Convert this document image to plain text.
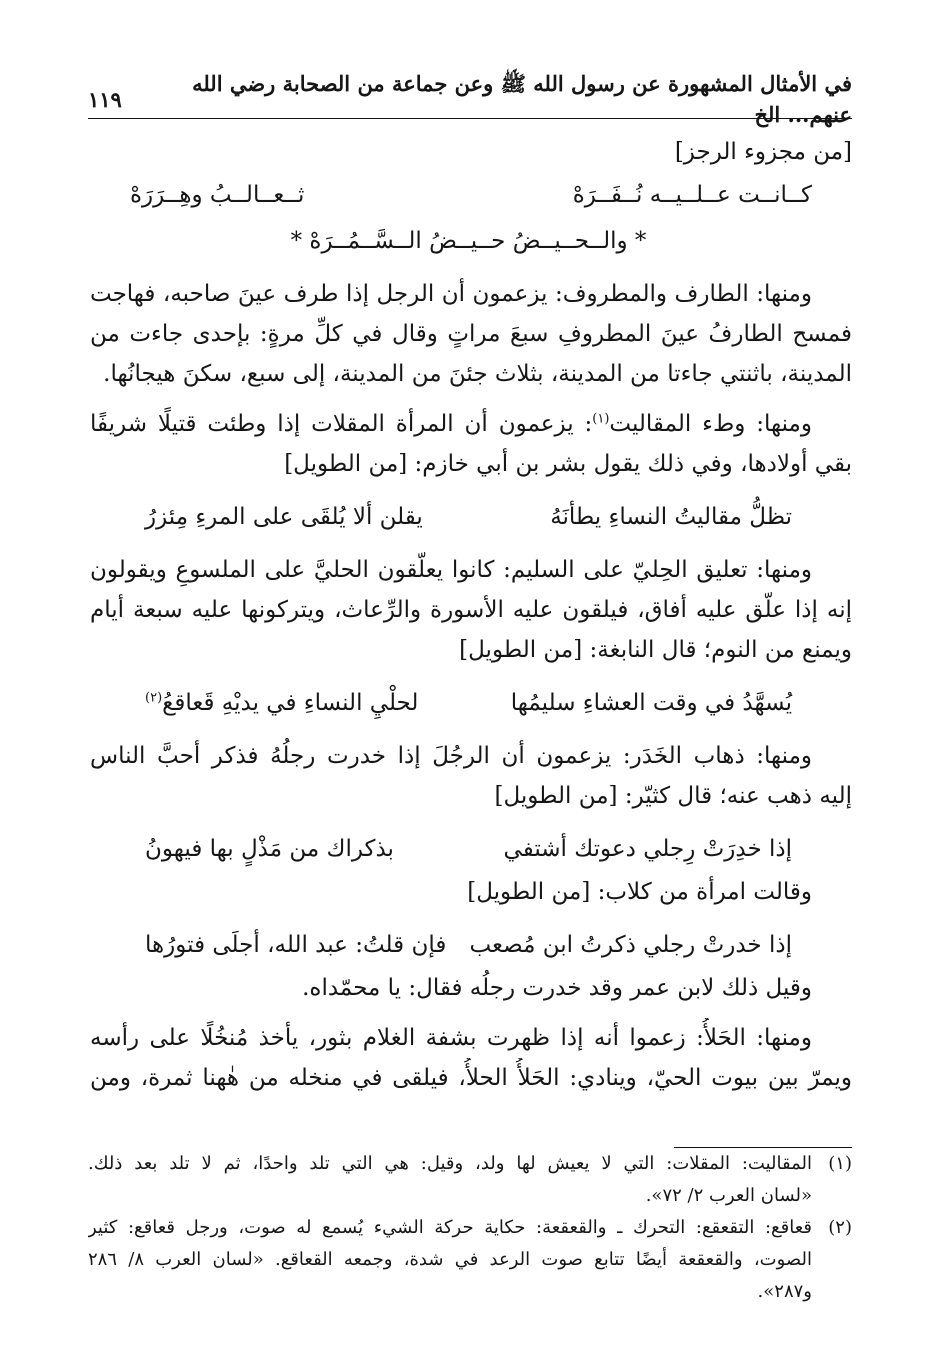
في الأمثال المشهورة عن رسول الله ﷺ وعن جماعة من الصحابة رضي الله عنهم... الخ
١١٩
[من مجزوء الرجز]
كــانــت عــلــيــه نُــفَــرَهْ
ثــعــالــبُ وهِــرَرَهْ
* والــحــيــضُ حــيــضُ الــسَّــمُــرَهْ *
ومنها: الطارف والمطروف: يزعمون أن الرجل إذا طرف عينَ صاحبه، فهاجت
فمسح الطارفُ عينَ المطروفِ سبعَ مراتٍ وقال في كلِّ مرةٍ: بإحدى جاءت من
المدينة، باثنتي جاءتا من المدينة، بثلاث جئنَ من المدينة، إلى سبع، سكنَ هيجانُها.
ومنها: وطء المقاليت$^{(١)}$: يزعمون أن المرأة المقلات إذا وطئت قتيلًا شريفًا
بقي أولادها، وفي ذلك يقول بشر بن أبي خازم: [من الطويل]
تظلُّ مقاليتُ النساءِ يطأنَهُ
يقلن ألا يُلقَى على المرءِ مِئزرُ
ومنها: تعليق الحِليّ على السليم: كانوا يعلّقون الحليَّ على الملسوعِ ويقولون
إنه إذا علّق عليه أفاق، فيلقون عليه الأسورة والرِّعاث، ويتركونها عليه سبعة أيام
ويمنع من النوم؛ قال النابغة: [من الطويل]
يُسهَّدُ في وقت العشاءِ سليمُها
لحلْيِ النساءِ في يديْهِ قَعاقعُ$^{(٢)}$
ومنها: ذهاب الخَدَر: يزعمون أن الرجُلَ إذا خدرت رجلُهُ فذكر أحبَّ الناس
إليه ذهب عنه؛ قال كثيّر: [من الطويل]
إذا خدِرَتْ رِجلي دعوتك أشتفي
بذكراك من مَذْلٍ بها فيهونُ
وقالت امرأة من كلاب: [من الطويل]
إذا خدرتْ رجلي ذكرتُ ابن مُصعب
فإن قلتُ: عبد الله، أجلَى فتورُها
وقيل ذلك لابن عمر وقد خدرت رجلُه فقال: يا محمّداه.
ومنها: الحَلأُ: زعموا أنه إذا ظهرت بشفة الغلام بثور، يأخذ مُنخُلًا على رأسه
ويمرّ بين بيوت الحيّ، وينادي: الحَلأُ الحلأُ، فيلقى في منخله من هٰهنا ثمرة، ومن
(١)المقاليت: المقلات: التي لا يعيش لها ولد، وقيل: هي التي تلد واحدًا، ثم لا تلد بعد ذلك.
«لسان العرب ٢/ ٧٢».
(٢)قعاقع: التقعقع: التحرك ـ والقعقعة: حكاية حركة الشيء يُسمع له صوت، ورجل قعاقع: كثير
الصوت، والقعقعة أيضًا تتابع صوت الرعد في شدة، وجمعه القعاقع. «لسان العرب ٨/ ٢٨٦
و٢٨٧».
